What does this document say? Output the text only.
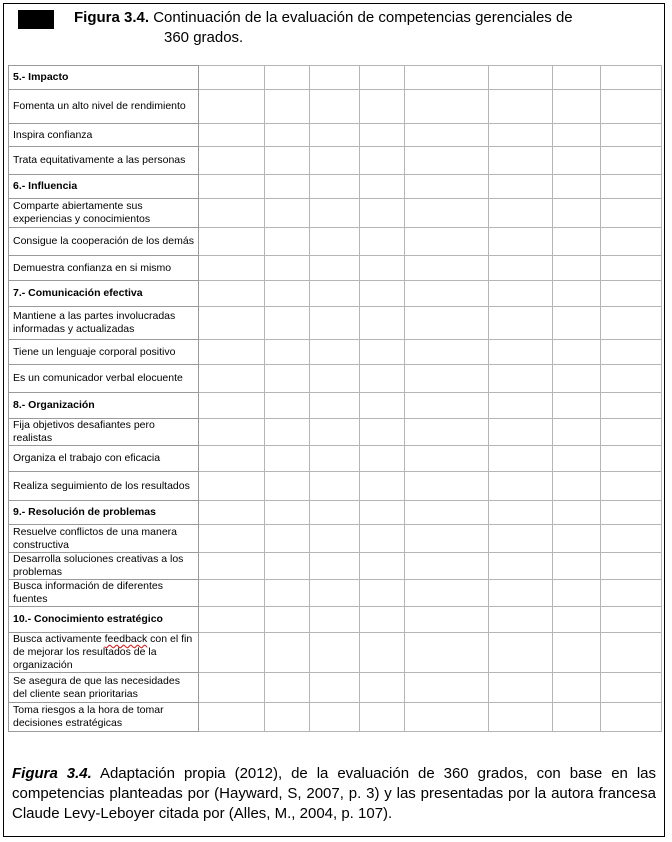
Figura 3.4. Continuación de la evaluación de competencias gerenciales de
360 grados.
5.- Impacto								
Fomenta un alto nivel de rendimiento								
Inspira confianza								
Trata equitativamente a las personas								
6.- Influencia								
Comparte abiertamente sus experiencias y conocimientos								
Consigue la cooperación de los demás								
Demuestra confianza en si mismo								
7.- Comunicación efectiva								
Mantiene a las partes involucradas informadas y actualizadas								
Tiene un lenguaje corporal positivo								
Es un comunicador verbal elocuente								
8.- Organización								
Fija objetivos desafiantes pero realistas								
Organiza el trabajo con eficacia								
Realiza seguimiento de los resultados								
9.- Resolución de problemas								
Resuelve conflictos de una manera constructiva								
Desarrolla soluciones creativas a los problemas								
Busca información de diferentes fuentes								
10.- Conocimiento estratégico								
Busca activamente feedback con el fin de mejorar los resultados de la organización								
Se asegura de que las necesidades del cliente sean prioritarias								
Toma riesgos a la hora de tomar decisiones estratégicas								
Figura 3.4. Adaptación propia (2012), de la evaluación de 360 grados, con base en las competencias planteadas por (Hayward, S, 2007, p. 3) y las presentadas por la autora francesa Claude Levy-Leboyer citada por (Alles, M., 2004, p. 107).
